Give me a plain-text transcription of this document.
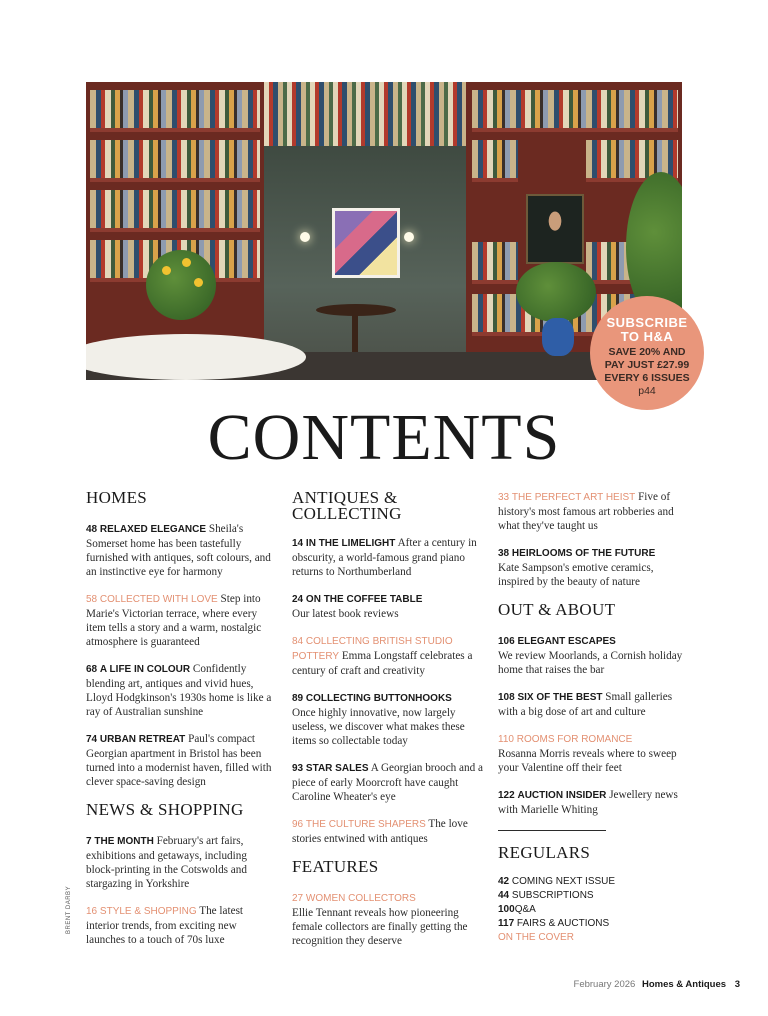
SUBSCRIBE
TO H&A
SAVE 20% AND
PAY JUST £27.99
EVERY 6 ISSUES
p44
CONTENTS
HOMES

48 RELAXED ELEGANCE Sheila's Somerset home has been tastefully furnished with antiques, soft colours, and an instinctive eye for harmony

58 COLLECTED WITH LOVE Step into Marie's Victorian terrace, where every item tells a story and a warm, nostalgic atmosphere is guaranteed

68 A LIFE IN COLOUR Confidently blending art, antiques and vivid hues, Lloyd Hodgkinson's 1930s home is like a ray of Australian sunshine

74 URBAN RETREAT Paul's compact Georgian apartment in Bristol has been turned into a modernist haven, filled with clever space-saving design

NEWS & SHOPPING

7 THE MONTH February's art fairs, exhibitions and getaways, including block-printing in the Cotswolds and stargazing in Yorkshire

16 STYLE & SHOPPING The latest interior trends, from exciting new launches to a touch of 70s luxe

BRENT DARBY
ANTIQUES &
COLLECTING

14 IN THE LIMELIGHT After a century in obscurity, a world-famous grand piano returns to Northumberland

24 ON THE COFFEE TABLE
Our latest book reviews

84 COLLECTING BRITISH STUDIO POTTERY Emma Longstaff celebrates a century of craft and creativity

89 COLLECTING BUTTONHOOKS
Once highly innovative, now largely useless, we discover what makes these items so collectable today

93 STAR SALES A Georgian brooch and a piece of early Moorcroft have caught Caroline Wheater's eye

96 THE CULTURE SHAPERS The love stories entwined with antiques

FEATURES

27 WOMEN COLLECTORS
Ellie Tennant reveals how pioneering female collectors are finally getting the recognition they deserve

33 THE PERFECT ART HEIST Five of history's most famous art robberies and what they've taught us

38 HEIRLOOMS OF THE FUTURE
Kate Sampson's emotive ceramics, inspired by the beauty of nature

OUT & ABOUT

106 ELEGANT ESCAPES
We review Moorlands, a Cornish holiday home that raises the bar

108 SIX OF THE BEST Small galleries with a big dose of art and culture

110 ROOMS FOR ROMANCE
Rosanna Morris reveals where to sweep your Valentine off their feet

122 AUCTION INSIDER Jewellery news with Marielle Whiting

REGULARS
42 COMING NEXT ISSUE
44 SUBSCRIPTIONS
100Q&A
117 FAIRS & AUCTIONS
ON THE COVER
February 2026 Homes & Antiques 3
